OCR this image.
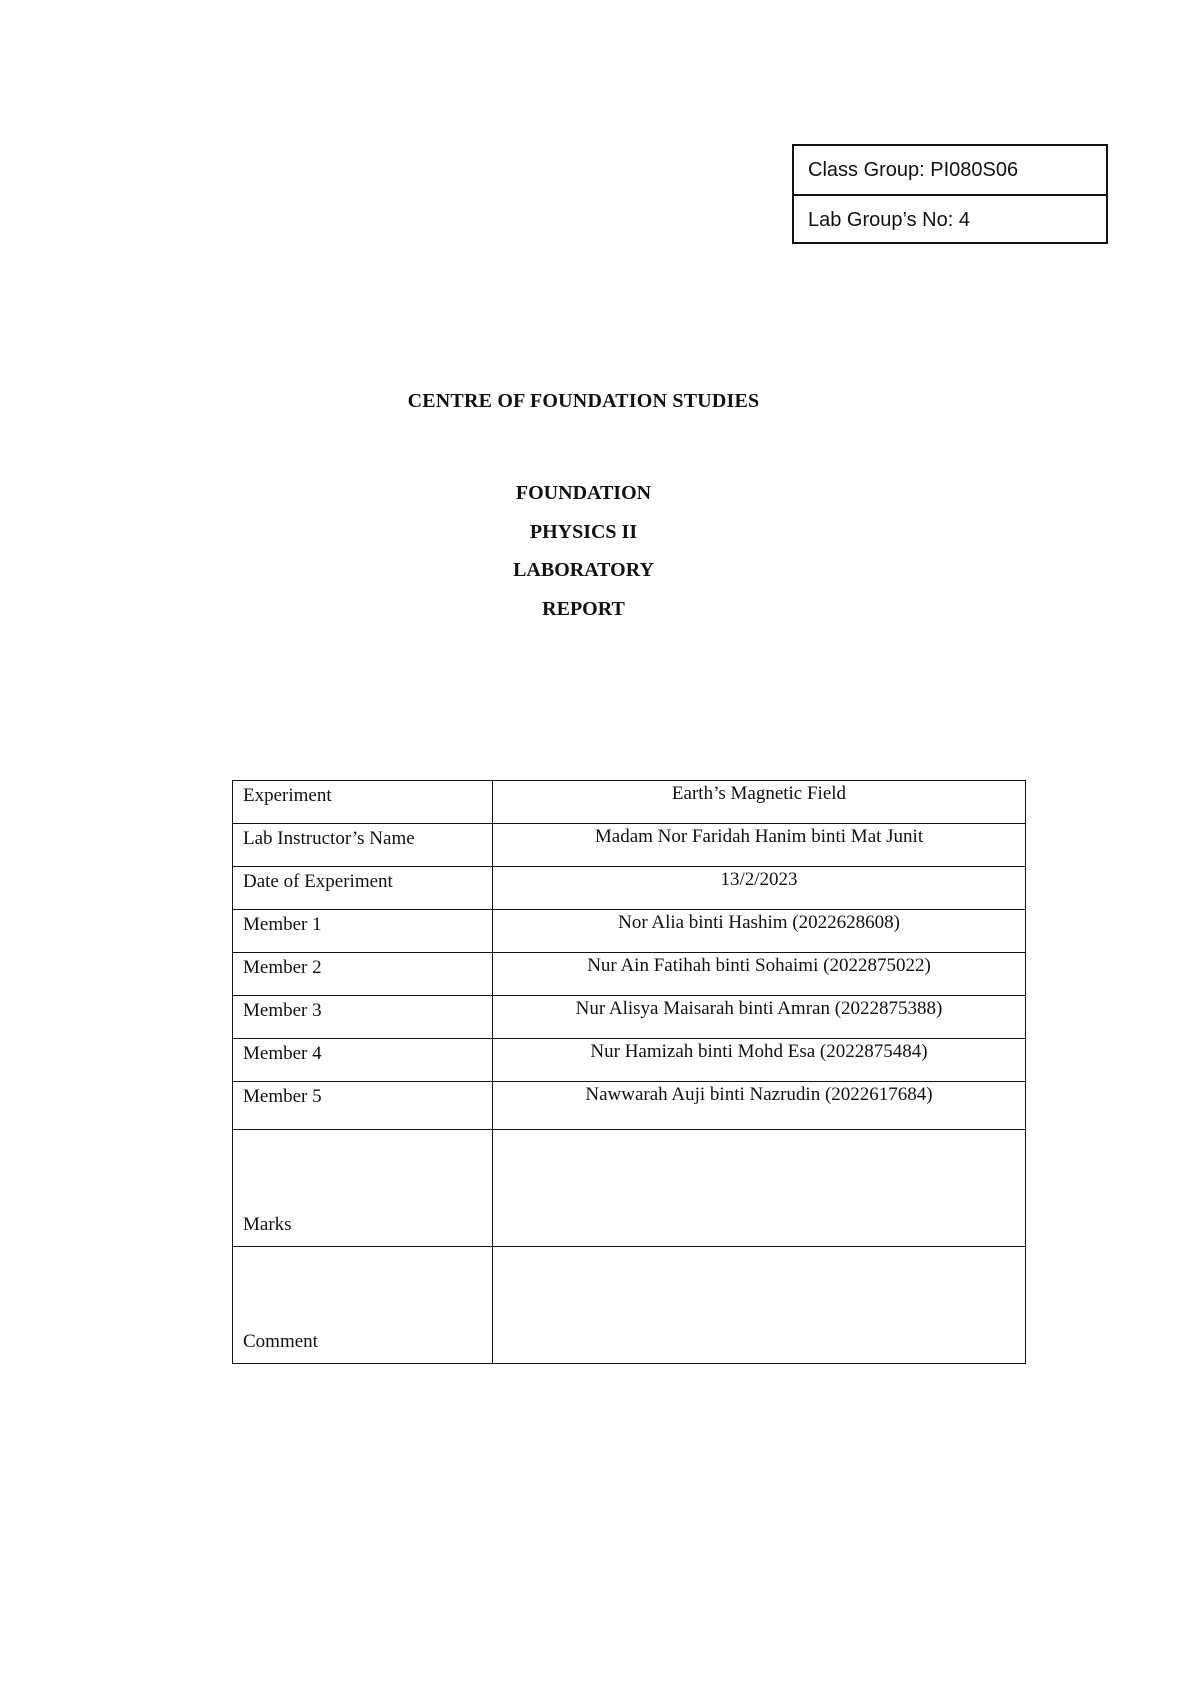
Class Group: PI080S06
Lab Group’s No: 4
CENTRE OF FOUNDATION STUDIES
FOUNDATION
PHYSICS II
LABORATORY
REPORT
Experiment	Earth’s Magnetic Field
Lab Instructor’s Name	Madam Nor Faridah Hanim binti Mat Junit
Date of Experiment	13/2/2023
Member 1	Nor Alia binti Hashim (2022628608)
Member 2	Nur Ain Fatihah binti Sohaimi (2022875022)
Member 3	Nur Alisya Maisarah binti Amran (2022875388)
Member 4	Nur Hamizah binti Mohd Esa (2022875484)
Member 5	Nawwarah Auji binti Nazrudin (2022617684)
Marks	
Comment	
